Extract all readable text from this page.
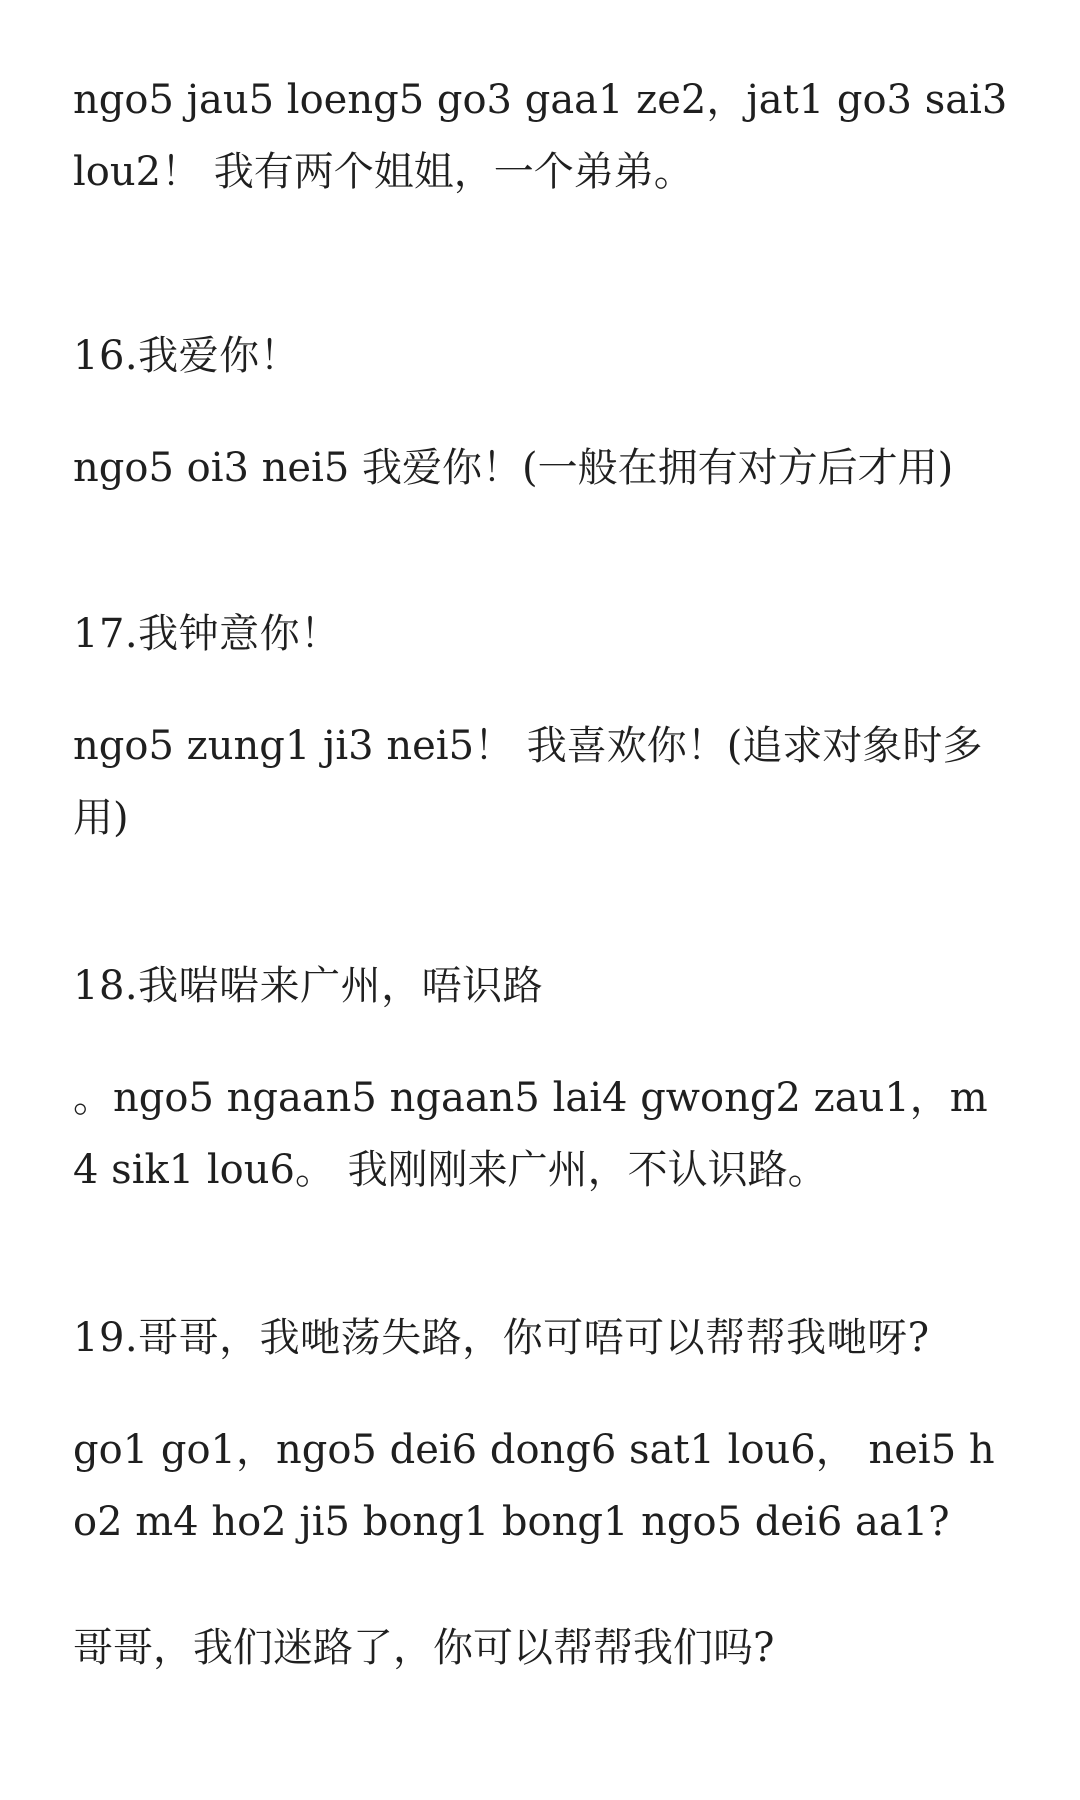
ngo5 jau5 loeng5 go3 gaa1 ze2，jat1 go3 sai3 lou2！ 我有两个姐姐，一个弟弟。

16.我爱你！

ngo5 oi3 nei5 我爱你！(一般在拥有对方后才用)

17.我钟意你！

ngo5 zung1 ji3 nei5！ 我喜欢你！(追求对象时多用)

18.我啱啱来广州，唔识路

。ngo5 ngaan5 ngaan5 lai4 gwong2 zau1，m4 sik1 lou6。 我刚刚来广州，不认识路。

19.哥哥，我哋荡失路，你可唔可以帮帮我哋呀?

go1 go1，ngo5 dei6 dong6 sat1 lou6， nei5 ho2 m4 ho2 ji5 bong1 bong1 ngo5 dei6 aa1?

哥哥，我们迷路了，你可以帮帮我们吗?
